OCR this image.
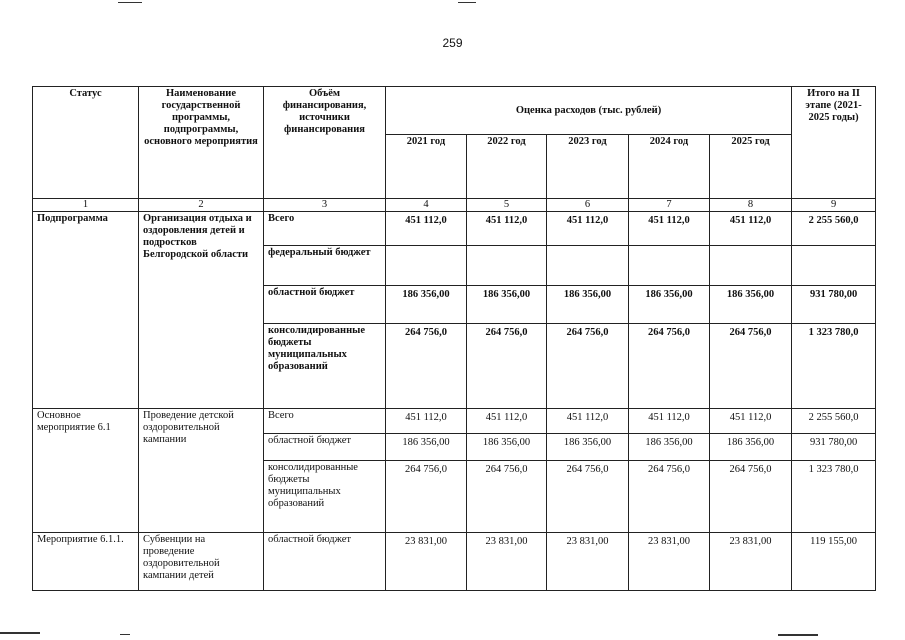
259
Статус	Наименование государственной программы, подпрограммы, основного мероприятия	Объём финансирования, источники финансирования	Оценка расходов (тыс. рублей)					Итого на II этапе (2021-2025 годы)
			2021 год	2022 год	2023 год	2024 год	2025 год	
1	2	3	4	5	6	7	8	9
Подпрограмма	Организация отдыха и оздоровления детей и подростков Белгородской области	Всего	451 112,0	451 112,0	451 112,0	451 112,0	451 112,0	2 255 560,0
		федеральный бюджет						
		областной бюджет	186 356,00	186 356,00	186 356,00	186 356,00	186 356,00	931 780,00
		консолидированные бюджеты муниципальных образований	264 756,0	264 756,0	264 756,0	264 756,0	264 756,0	1 323 780,0
Основное мероприятие 6.1	Проведение детской оздоровительной кампании	Всего	451 112,0	451 112,0	451 112,0	451 112,0	451 112,0	2 255 560,0
		областной бюджет	186 356,00	186 356,00	186 356,00	186 356,00	186 356,00	931 780,00
		консолидированные бюджеты муниципальных образований	264 756,0	264 756,0	264 756,0	264 756,0	264 756,0	1 323 780,0
Мероприятие 6.1.1.	Субвенции на проведение оздоровительной кампании детей	областной бюджет	23 831,00	23 831,00	23 831,00	23 831,00	23 831,00	119 155,00
